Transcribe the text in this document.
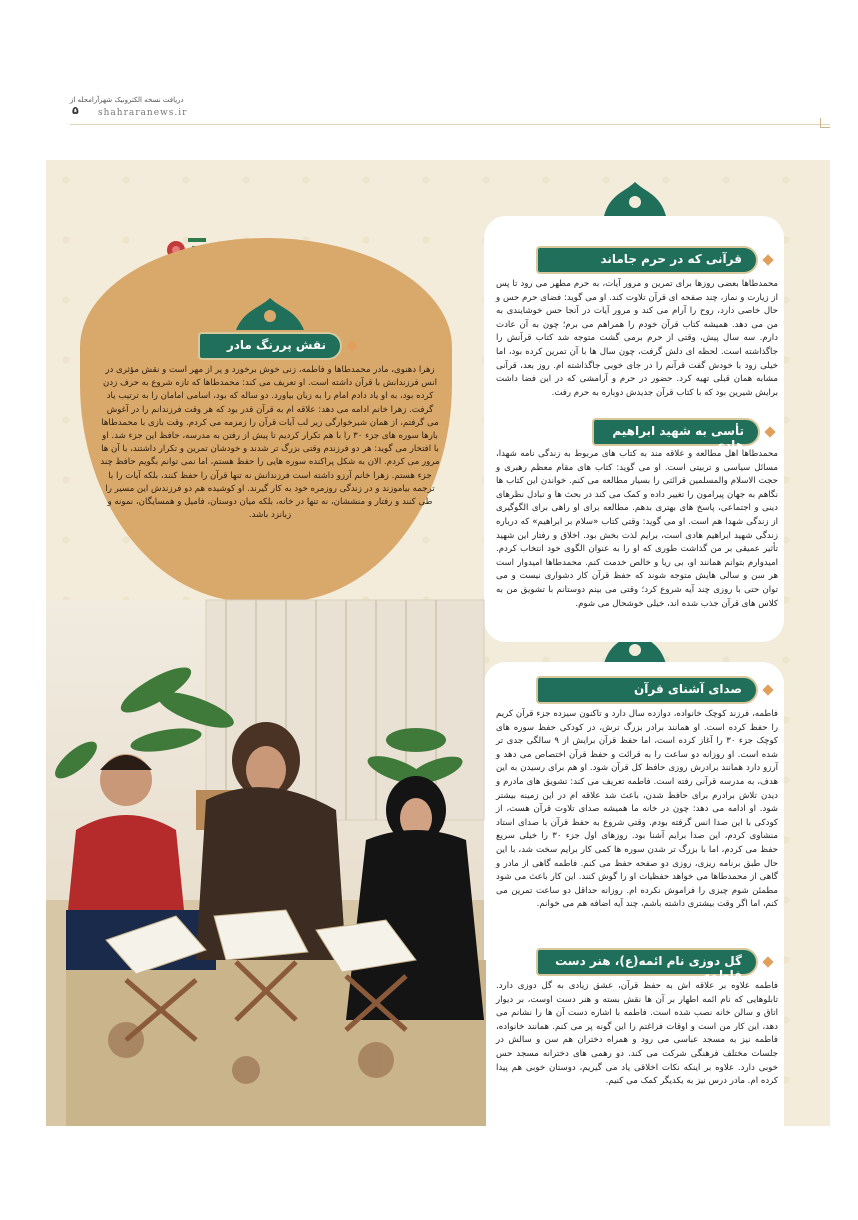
دریافت نسخه الکترونیک شهرآرامحله از
۵ shahraranews.ir
قرآنی که در حرم جاماند
محمدطاها بعضی روزها برای تمرین و مرور آیات، به حرم مطهر می رود تا پس از زیارت و نماز، چند صفحه ای قرآن تلاوت کند. او می گوید: فضای حرم حس و حال خاصی دارد، روح را آرام می کند و مرور آیات در آنجا حس خوشایندی به من می دهد. همیشه کتاب قرآن خودم را همراهم می برم؛ چون به آن عادت دارم. سه سال پیش، وقتی از حرم برمی گشت متوجه شد کتاب قرآنش را جاگذاشته است. لحظه ای دلش گرفت، چون سال ها با آن تمرین کرده بود، اما خیلی زود با خودش گفت قرآنم را در جای خوبی جاگذاشته ام. روز بعد، قرآنی مشابه همان قبلی تهیه کرد. حضور در حرم و آرامشی که در این فضا داشت برایش شیرین بود که با کتاب قرآن جدیدش دوباره به حرم رفت.
تأسی به شهید ابراهیم هادی
محمدطاها اهل مطالعه و علاقه مند به کتاب های مربوط به زندگی نامه شهدا، مسائل سیاسی و تربیتی است. او می گوید: کتاب های مقام معظم رهبری و حجت الاسلام والمسلمین قرائتی را بسیار مطالعه می کنم. خواندن این کتاب ها نگاهم به جهان پیرامون را تغییر داده و کمک می کند در بحث ها و تبادل نظرهای دینی و اجتماعی، پاسخ های بهتری بدهم. مطالعه برای او راهی برای الگوگیری از زندگی شهدا هم است. او می گوید: وقتی کتاب «سلام بر ابراهیم» که درباره زندگی شهید ابراهیم هادی است، برایم لذت بخش بود. اخلاق و رفتار این شهید تأثیر عمیقی بر من گذاشت طوری که او را به عنوان الگوی خود انتخاب کردم. امیدوارم بتوانم همانند او، بی ریا و خالص خدمت کنم. محمدطاها امیدوار است هر سن و سالی هایش متوجه شوند که حفظ قرآن کار دشواری نیست و می توان حتی با روزی چند آیه شروع کرد؛ وقتی می بینم دوستانم با تشویق من به کلاس های قرآن جذب شده اند، خیلی خوشحال می شوم.
صدای آشنای قرآن
فاطمه، فرزند کوچک خانواده، دوازده سال دارد و تاکنون سیزده جزء قرآن کریم را حفظ کرده است. او همانند برادر بزرگ ترش، در کودکی حفظ سوره های کوچک جزء ۳۰ را آغاز کرده است، اما حفظ قرآن برایش از ۹ سالگی جدی تر شده است. او روزانه دو ساعت را به قرائت و حفظ قرآن اختصاص می دهد و آرزو دارد همانند برادرش روزی حافظ کل قرآن شود. او هم برای رسیدن به این هدف، به مدرسه قرآنی رفته است. فاطمه تعریف می کند: تشویق های مادرم و دیدن تلاش برادرم برای حافظ شدن، باعث شد علاقه ام در این زمینه بیشتر شود. او ادامه می دهد: چون در خانه ما همیشه صدای تلاوت قرآن هست، از کودکی با این صدا انس گرفته بودم. وقتی شروع به حفظ قرآن با صدای استاد منشاوی کردم، این صدا برایم آشنا بود. روزهای اول جزء ۳۰ را خیلی سریع حفظ می کردم، اما با بزرگ تر شدن سوره ها کمی کار برایم سخت شد، با این حال طبق برنامه ریزی، روزی دو صفحه حفظ می کنم. فاطمه گاهی از مادر و گاهی از محمدطاها می خواهد حفظیات او را گوش کنند. این کار باعث می شود مطمئن شوم چیزی را فراموش نکرده ام. روزانه حداقل دو ساعت تمرین می کنم، اما اگر وقت بیشتری داشته باشم، چند آیه اضافه هم می خوانم.
گل دوزی نام ائمه(ع)، هنر دست فاطمه
فاطمه علاوه بر علاقه اش به حفظ قرآن، عشق زیادی به گل دوزی دارد. تابلوهایی که نام ائمه اطهار بر آن ها نقش بسته و هنر دست اوست، بر دیوار اتاق و سالن خانه نصب شده است. فاطمه با اشاره دست آن ها را نشانم می دهد، این کار من است و اوقات فراغتم را این گونه پر می کنم. همانند خانواده، فاطمه نیز به مسجد عباسی می رود و همراه دختران هم سن و سالش در جلسات مختلف فرهنگی شرکت می کند. دو رهمی های دخترانه مسجد حس خوبی دارد. علاوه بر اینکه نکات اخلاقی یاد می گیریم، دوستان خوبی هم پیدا کرده ام. مادر درس نیز به یکدیگر کمک می کنیم.
نقش پررنگ مادر
زهرا دهنوی، مادر محمدطاها و فاطمه، زنی خوش برخورد و پر از مهر است و نقش مؤثری در انس فرزندانش با قرآن داشته است. او تعریف می کند: محمدطاها که تازه شروع به حرف زدن کرده بود، به او یاد دادم امام را به زبان بیاورد. دو ساله که بود، اسامی امامان را به ترتیب یاد گرفت. زهرا خانم ادامه می دهد: علاقه ام به قرآن قدر بود که هر وقت فرزندانم را در آغوش می گرفتم، از همان شیرخوارگی زیر لب آیات قرآن را زمزمه می کردم. وقت بازی با محمدطاها بارها سوره های جزء ۳۰ را با هم تکرار کردیم تا پیش از رفتن به مدرسه، حافظ این جزء شد. او با افتخار می گوید: هر دو فرزندم وقتی بزرگ تر شدند و خودشان تمرین و تکرار داشتند، با آن ها مرور می کردم. الان به شکل پراکنده سوره هایی را حفظ هستم، اما نمی توانم بگویم حافظ چند جزء هستم. زهرا خانم آرزو داشته است فرزندانش نه تنها قرآن را حفظ کنند، بلکه آیات را با ترجمه بیاموزند و در زندگی روزمره خود به کار گیرند. او کوشیده هم دو فرزندش این مسیر را طی کنند و رفتار و منششان، نه تنها در خانه، بلکه میان دوستان، فامیل و همسایگان، نمونه و زبانزد باشد.
